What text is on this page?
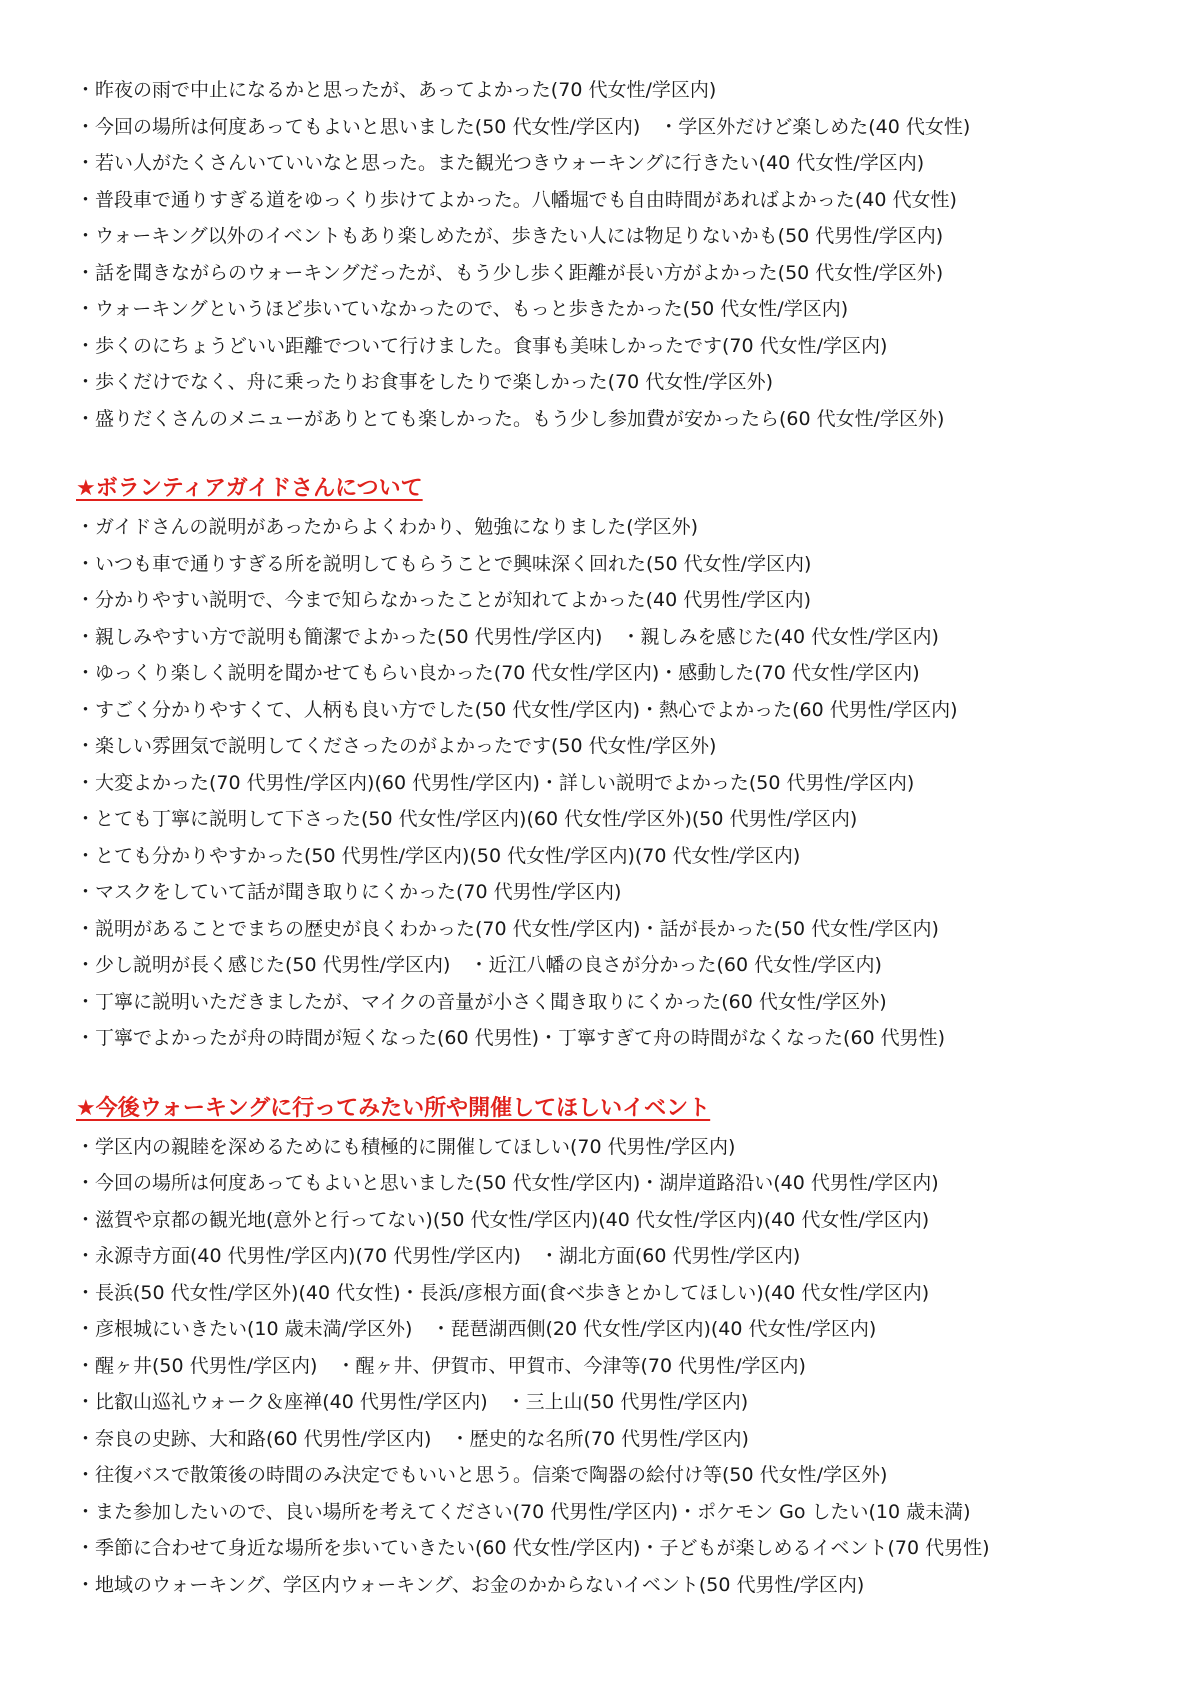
・昨夜の雨で中止になるかと思ったが、あってよかった(70 代女性/学区内)
・今回の場所は何度あってもよいと思いました(50 代女性/学区内)　・学区外だけど楽しめた(40 代女性)
・若い人がたくさんいていいなと思った。また観光つきウォーキングに行きたい(40 代女性/学区内)
・普段車で通りすぎる道をゆっくり歩けてよかった。八幡堀でも自由時間があればよかった(40 代女性)
・ウォーキング以外のイベントもあり楽しめたが、歩きたい人には物足りないかも(50 代男性/学区内)
・話を聞きながらのウォーキングだったが、もう少し歩く距離が長い方がよかった(50 代女性/学区外)
・ウォーキングというほど歩いていなかったので、もっと歩きたかった(50 代女性/学区内)
・歩くのにちょうどいい距離でついて行けました。食事も美味しかったです(70 代女性/学区内)
・歩くだけでなく、舟に乗ったりお食事をしたりで楽しかった(70 代女性/学区外)
・盛りだくさんのメニューがありとても楽しかった。もう少し参加費が安かったら(60 代女性/学区外)
★ボランティアガイドさんについて
・ガイドさんの説明があったからよくわかり、勉強になりました(学区外)
・いつも車で通りすぎる所を説明してもらうことで興味深く回れた(50 代女性/学区内)
・分かりやすい説明で、今まで知らなかったことが知れてよかった(40 代男性/学区内)
・親しみやすい方で説明も簡潔でよかった(50 代男性/学区内)　・親しみを感じた(40 代女性/学区内)
・ゆっくり楽しく説明を聞かせてもらい良かった(70 代女性/学区内)・感動した(70 代女性/学区内)
・すごく分かりやすくて、人柄も良い方でした(50 代女性/学区内)・熱心でよかった(60 代男性/学区内)
・楽しい雰囲気で説明してくださったのがよかったです(50 代女性/学区外)
・大変よかった(70 代男性/学区内)(60 代男性/学区内)・詳しい説明でよかった(50 代男性/学区内)
・とても丁寧に説明して下さった(50 代女性/学区内)(60 代女性/学区外)(50 代男性/学区内)
・とても分かりやすかった(50 代男性/学区内)(50 代女性/学区内)(70 代女性/学区内)
・マスクをしていて話が聞き取りにくかった(70 代男性/学区内)
・説明があることでまちの歴史が良くわかった(70 代女性/学区内)・話が長かった(50 代女性/学区内)
・少し説明が長く感じた(50 代男性/学区内)　・近江八幡の良さが分かった(60 代女性/学区内)
・丁寧に説明いただきましたが、マイクの音量が小さく聞き取りにくかった(60 代女性/学区外)
・丁寧でよかったが舟の時間が短くなった(60 代男性)・丁寧すぎて舟の時間がなくなった(60 代男性)
★今後ウォーキングに行ってみたい所や開催してほしいイベント
・学区内の親睦を深めるためにも積極的に開催してほしい(70 代男性/学区内)
・今回の場所は何度あってもよいと思いました(50 代女性/学区内)・湖岸道路沿い(40 代男性/学区内)
・滋賀や京都の観光地(意外と行ってない)(50 代女性/学区内)(40 代女性/学区内)(40 代女性/学区内)
・永源寺方面(40 代男性/学区内)(70 代男性/学区内)　・湖北方面(60 代男性/学区内)
・長浜(50 代女性/学区外)(40 代女性)・長浜/彦根方面(食べ歩きとかしてほしい)(40 代女性/学区内)
・彦根城にいきたい(10 歳未満/学区外)　・琵琶湖西側(20 代女性/学区内)(40 代女性/学区内)
・醒ヶ井(50 代男性/学区内)　・醒ヶ井、伊賀市、甲賀市、今津等(70 代男性/学区内)
・比叡山巡礼ウォーク＆座禅(40 代男性/学区内)　・三上山(50 代男性/学区内)
・奈良の史跡、大和路(60 代男性/学区内)　・歴史的な名所(70 代男性/学区内)
・往復バスで散策後の時間のみ決定でもいいと思う。信楽で陶器の絵付け等(50 代女性/学区外)
・また参加したいので、良い場所を考えてください(70 代男性/学区内)・ポケモン Go したい(10 歳未満)
・季節に合わせて身近な場所を歩いていきたい(60 代女性/学区内)・子どもが楽しめるイベント(70 代男性)
・地域のウォーキング、学区内ウォーキング、お金のかからないイベント(50 代男性/学区内)
